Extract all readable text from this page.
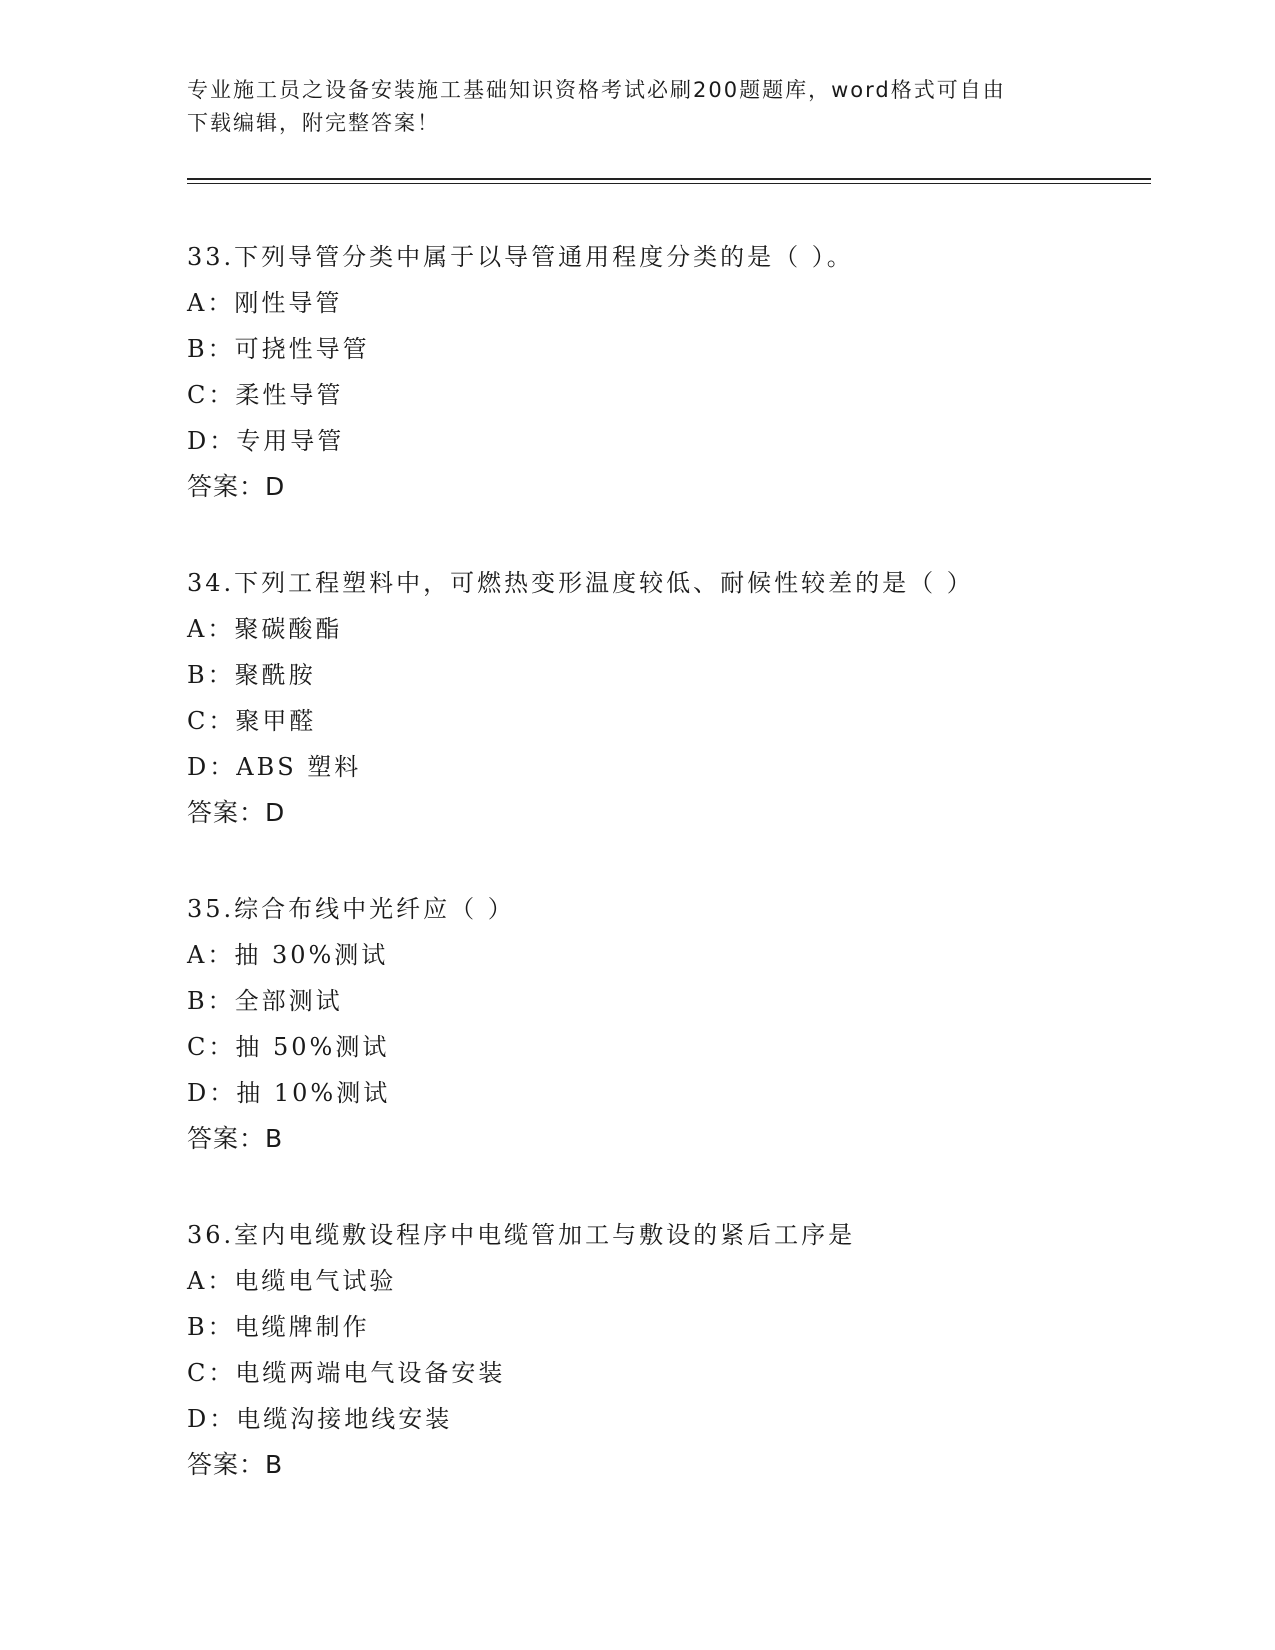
专业施工员之设备安装施工基础知识资格考试必刷200题题库，word格式可自由
下载编辑，附完整答案！
33.下列导管分类中属于以导管通用程度分类的是（ ）。
A：刚性导管
B：可挠性导管
C：柔性导管
D：专用导管
答案：D
34.下列工程塑料中，可燃热变形温度较低、耐候性较差的是（ ）
A：聚碳酸酯
B：聚酰胺
C：聚甲醛
D：ABS 塑料
答案：D
35.综合布线中光纤应（ ）
A：抽 30%测试
B：全部测试
C：抽 50%测试
D：抽 10%测试
答案：B
36.室内电缆敷设程序中电缆管加工与敷设的紧后工序是
A：电缆电气试验
B：电缆牌制作
C：电缆两端电气设备安装
D：电缆沟接地线安装
答案：B
